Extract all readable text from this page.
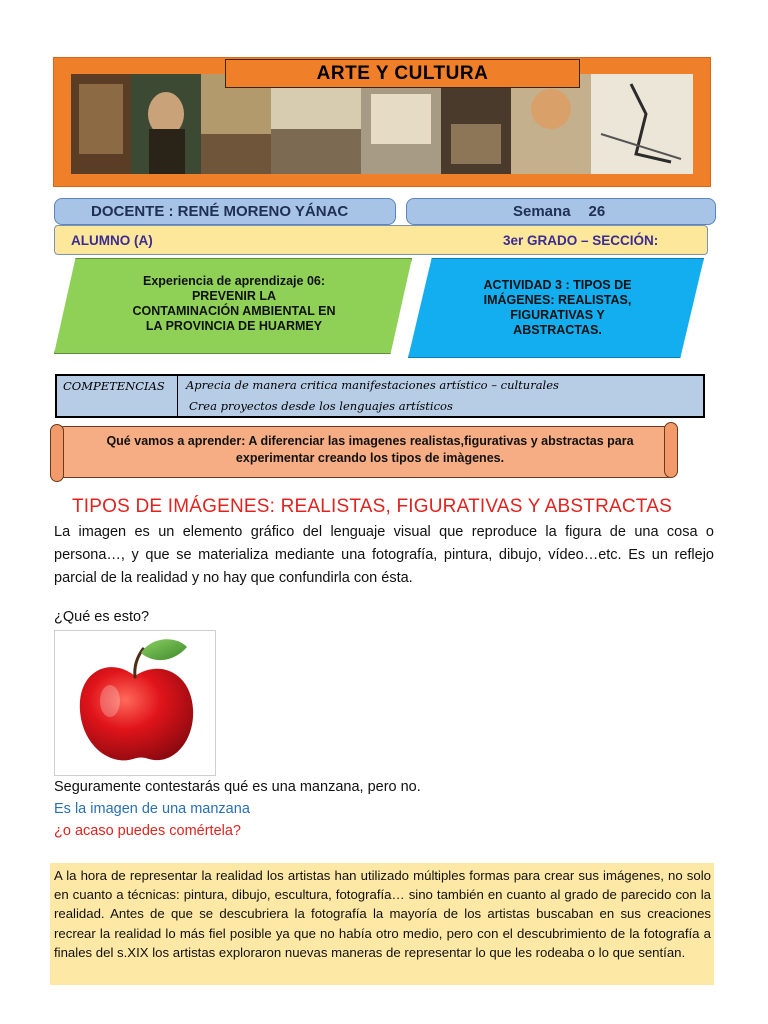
ARTE Y CULTURA
DOCENTE : RENÉ MORENO YÁNAC	Semana 26
ALUMNO (A)	3er GRADO – SECCIÓN:
Experiencia de aprendizaje 06:
PREVENIR LA
CONTAMINACIÓN AMBIENTAL EN
LA PROVINCIA DE HUARMEY
ACTIVIDAD 3 : TIPOS DE
IMÁGENES: REALISTAS,
FIGURATIVAS Y
ABSTRACTAS.
COMPETENCIAS	Aprecia de manera critica manifestaciones artístico – culturales
Crea proyectos desde los lenguajes artísticos
Qué vamos a aprender: A diferenciar las imagenes realistas,figurativas y abstractas para
experimentar creando los tipos de imàgenes.
TIPOS DE IMÁGENES: REALISTAS, FIGURATIVAS Y ABSTRACTAS
La imagen es un elemento gráfico del lenguaje visual que reproduce la figura de una cosa o persona…, y que se materializa mediante una fotografía, pintura, dibujo, vídeo…etc. Es un reflejo parcial de la realidad y no hay que confundirla con ésta.
¿Qué es esto?
Seguramente contestarás qué es una manzana, pero no.
Es la imagen de una manzana
¿o acaso puedes comértela?
A la hora de representar la realidad los artistas han utilizado múltiples formas para crear sus imágenes, no solo en cuanto a técnicas: pintura, dibujo, escultura, fotografía… sino también en cuanto al grado de parecido con la realidad. Antes de que se descubriera la fotografía la mayoría de los artistas buscaban en sus creaciones recrear la realidad lo más fiel posible ya que no había otro medio, pero con el descubrimiento de la fotografía a finales del s.XIX los artistas exploraron nuevas maneras de representar lo que les rodeaba o lo que sentían.
